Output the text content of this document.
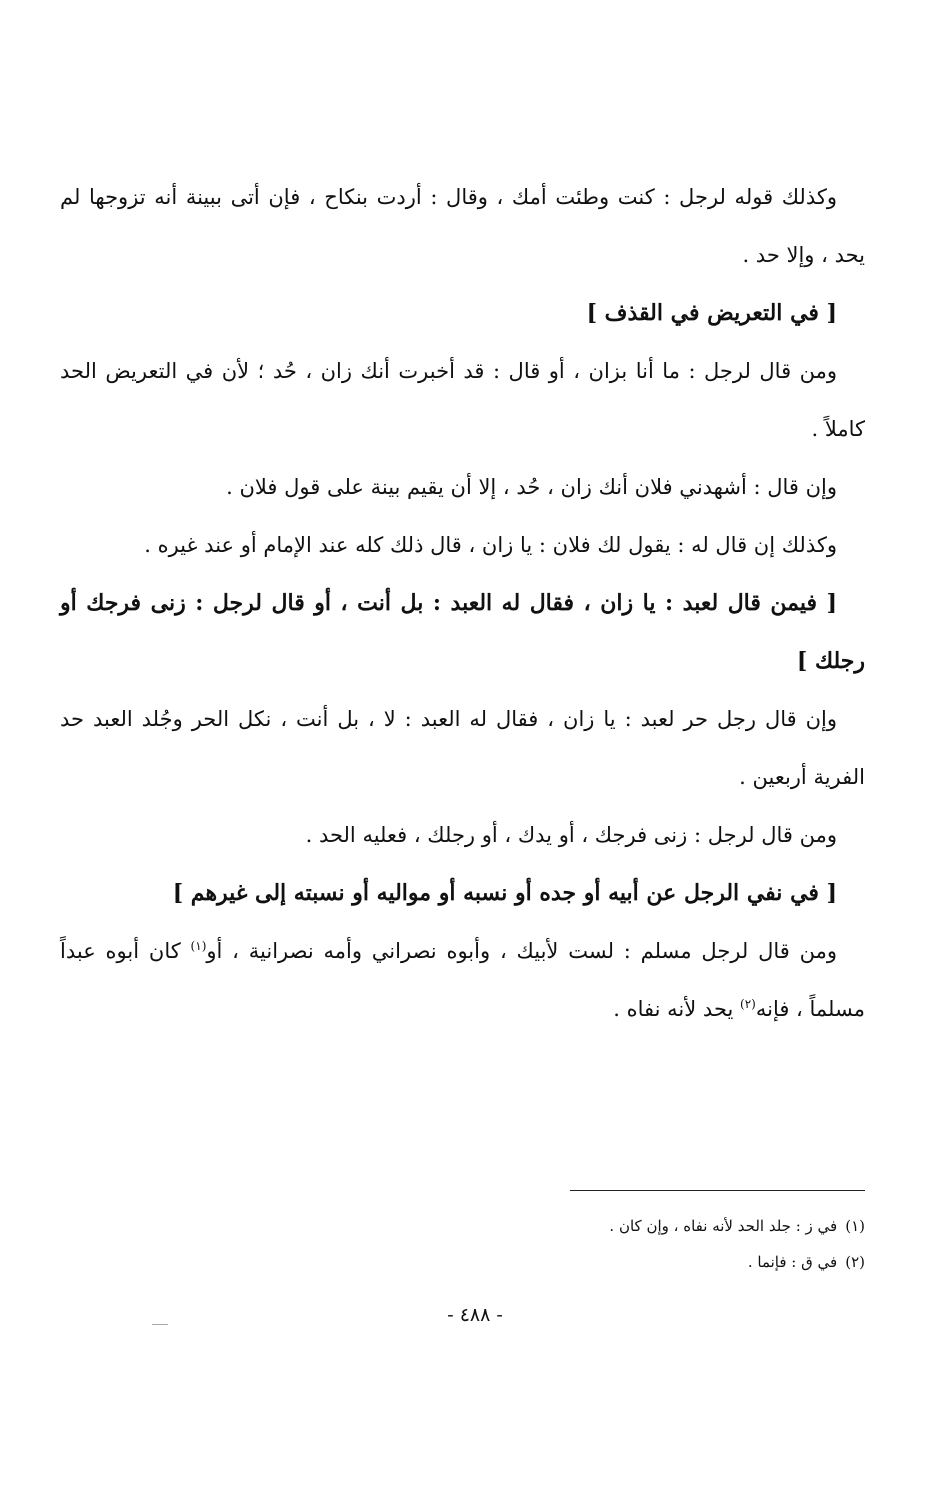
وكذلك قوله لرجل : كنت وطئت أمك ، وقال : أردت بنكاح ، فإن أتى ببينة أنه تزوجها لم يحد ، وإلا حد .

[ في التعريض في القذف ]

ومن قال لرجل : ما أنا بزان ، أو قال : قد أخبرت أنك زان ، حُد ؛ لأن في التعريض الحد كاملاً .

وإن قال : أشهدني فلان أنك زان ، حُد ، إلا أن يقيم بينة على قول فلان .

وكذلك إن قال له : يقول لك فلان : يا زان ، قال ذلك كله عند الإمام أو عند غيره .

[ فيمن قال لعبد : يا زان ، فقال له العبد : بل أنت ، أو قال لرجل : زنى فرجك أو رجلك ]

وإن قال رجل حر لعبد : يا زان ، فقال له العبد : لا ، بل أنت ، نكل الحر وجُلد العبد حد الفرية أربعين .

ومن قال لرجل : زنى فرجك ، أو يدك ، أو رجلك ، فعليه الحد .

[ في نفي الرجل عن أبيه أو جده أو نسبه أو مواليه أو نسبته إلى غيرهم ]

ومن قال لرجل مسلم : لست لأبيك ، وأبوه نصراني وأمه نصرانية ، أو$^{(١)}$ كان أبوه عبداً مسلماً ، فإنه$^{(٢)}$ يحد لأنه نفاه .

(١)في ز : جلد الحد لأنه نفاه ، وإن كان .

(٢)في ق : فإنما .

- ٤٨٨ -
